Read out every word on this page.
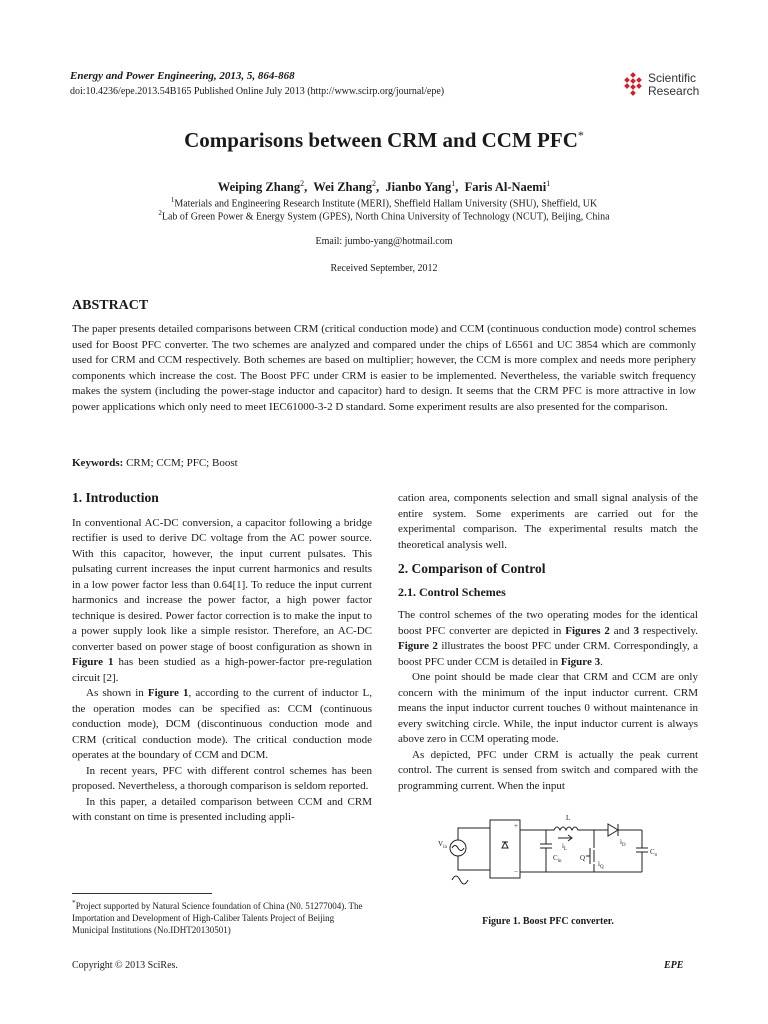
Energy and Power Engineering, 2013, 5, 864-868
doi:10.4236/epe.2013.54B165 Published Online July 2013 (http://www.scirp.org/journal/epe)
Scientific
Research
Comparisons between CRM and CCM PFC*
Weiping Zhang$^2$,  Wei Zhang$^2$,  Jianbo Yang$^1$,  Faris Al-Naemi$^1$
$^1$Materials and Engineering Research Institute (MERI), Sheffield Hallam University (SHU), Sheffield, UK
$^2$Lab of Green Power & Energy System (GPES), North China University of Technology (NCUT), Beijing, China
Email: jumbo-yang@hotmail.com
Received September, 2012
ABSTRACT
The paper presents detailed comparisons between CRM (critical conduction mode) and CCM (continuous conduction mode) control schemes used for Boost PFC converter. The two schemes are analyzed and compared under the chips of L6561 and UC 3854 which are commonly used for CRM and CCM respectively. Both schemes are based on multiplier; however, the CCM is more complex and needs more periphery components which increase the cost. The Boost PFC under CRM is easier to be implemented. Nevertheless, the variable switch frequency makes the system (including the power-stage inductor and capacitor) hard to design. It seems that the CRM PFC is more attractive in low power applications which only need to meet IEC61000-3-2 D standard. Some experiment results are also presented for the comparison.
Keywords: CRM; CCM; PFC; Boost
1. Introduction

In conventional AC-DC conversion, a capacitor following a bridge rectifier is used to derive DC voltage from the AC power source. With this capacitor, however, the input current pulsates. This pulsating current increases the input current harmonics and results in a low power factor less than 0.64[1]. To reduce the input current harmonics and increase the power factor, a high power factor technique is desired. Power factor correction is to make the input to a power supply look like a simple resistor. Therefore, an AC-DC converter based on power stage of boost configuration as shown in Figure 1 has been studied as a high-power-factor pre-regulation circuit [2].

As shown in Figure 1, according to the current of inductor L, the operation modes can be specified as: CCM (continuous conduction mode), DCM (discontinuous conduction mode and CRM (critical conduction mode). The critical conduction mode operates at the boundary of CCM and DCM.

In recent years, PFC with different control schemes has been proposed. Nevertheless, a thorough comparison is seldom reported.

In this paper, a detailed comparison between CCM and CRM with constant on time is presented including appli-

2. Comparison of Control
2.1. Control Schemes

The control schemes of the two operating modes for the identical boost PFC converter are depicted in Figures 2 and 3 respectively. Figure 2 illustrates the boost PFC under CRM. Correspondingly, a boost PFC under CCM is detailed in Figure 3.

One point should be made clear that CRM and CCM are only concern with the minimum of the input inductor current. CRM means the input inductor current touches 0 without maintenance in every switching circle. While, the input inductor current is always above zero in CCM operating mode.

As depicted, PFC under CRM is actually the peak current control. The current is sensed from switch and compared with the programming current. When the input

cation area, components selection and small signal analysis of the entire system. Some experiments are carried out for the experimental comparison. The experimental results match the theoretical analysis well.

$V_{in}$
+
−
L
$i_L$
$C_{in}$	Q
$i_Q$
$i_D$
$C_o$
Figure 1. Boost PFC converter.
*Project supported by Natural Science foundation of China (N0. 51277004). The Importation and Development of High-Caliber Talents Project of Beijing Municipal Institutions (No.IDHT20130501)
Copyright © 2013 SciRes.	EPE
